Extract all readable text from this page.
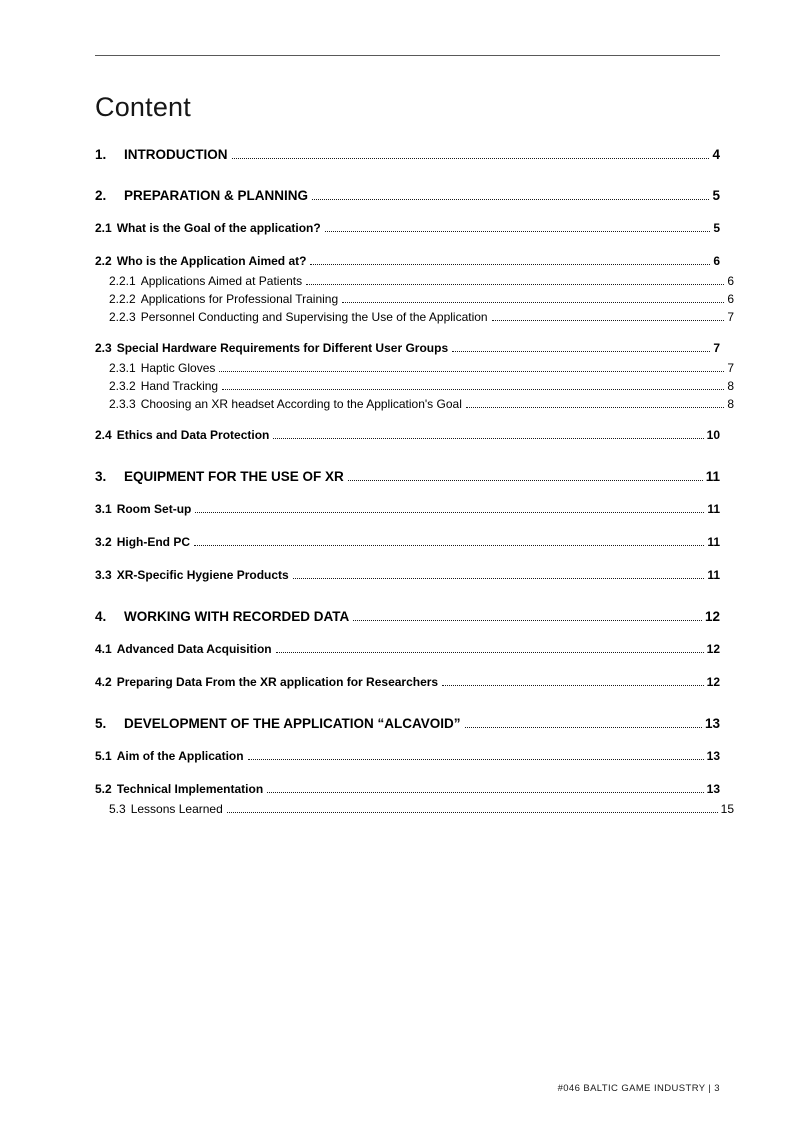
Content
1.	INTRODUCTION	4
2.	PREPARATION & PLANNING	5
2.1 What is the Goal of the application?	5
2.2 Who is the Application Aimed at?	6
2.2.1 Applications Aimed at Patients	6
2.2.2 Applications for Professional Training	6
2.2.3 Personnel Conducting and Supervising the Use of the Application	7
2.3 Special Hardware Requirements for Different User Groups	7
2.3.1 Haptic Gloves	7
2.3.2 Hand Tracking	8
2.3.3 Choosing an XR headset According to the Application's Goal	8
2.4 Ethics and Data Protection	10
3.	EQUIPMENT FOR THE USE OF XR	11
3.1 Room Set-up	11
3.2 High-End PC	11
3.3 XR-Specific Hygiene Products	11
4.	WORKING WITH RECORDED DATA	12
4.1 Advanced Data Acquisition	12
4.2 Preparing Data From the XR application for Researchers	12
5.	DEVELOPMENT OF THE APPLICATION “ALCAVOID”	13
5.1 Aim of the Application	13
5.2 Technical Implementation	13
5.3 Lessons Learned	15
#046 BALTIC GAME INDUSTRY | 3
